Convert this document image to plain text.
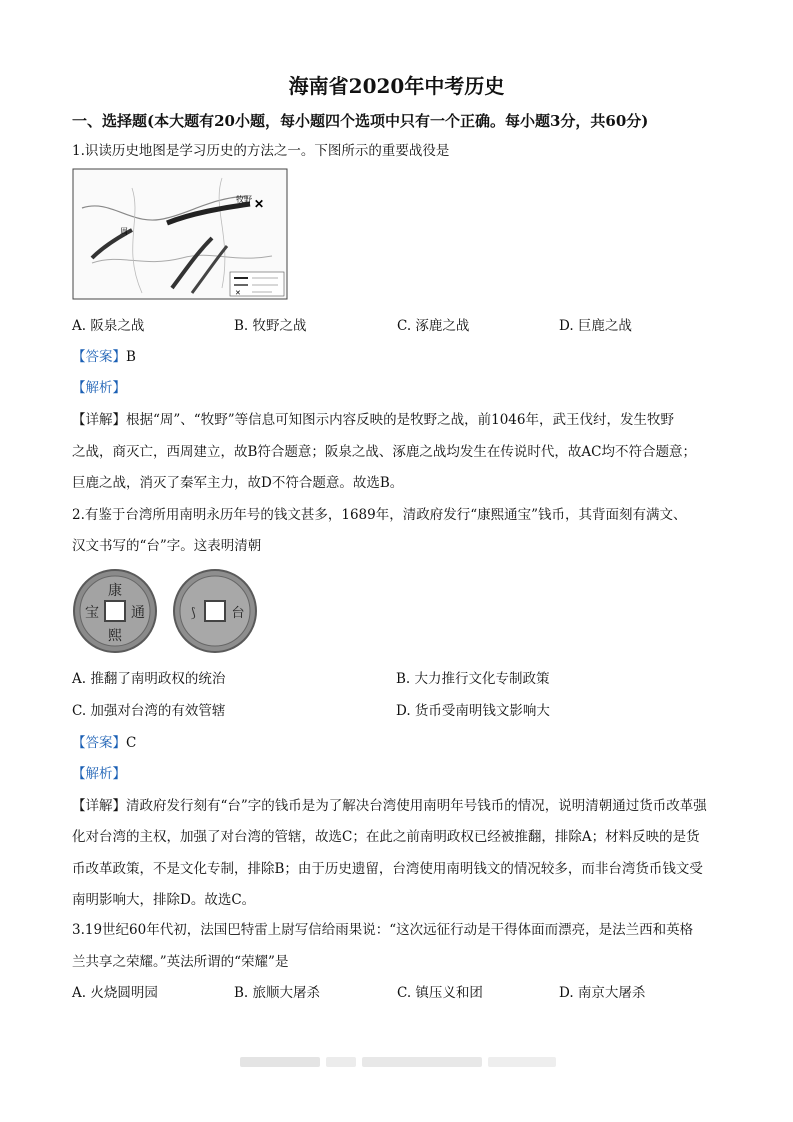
海南省2020年中考历史
一、选择题(本大题有20小题，每小题四个选项中只有一个正确。每小题3分，共60分)
1.识读历史地图是学习历史的方法之一。下图所示的重要战役是
✕
周
牧野
✕
A. 阪泉之战	B. 牧野之战	C. 涿鹿之战	D. 巨鹿之战
【答案】B
【解析】
【详解】根据“周”、“牧野”等信息可知图示内容反映的是牧野之战，前1046年，武王伐纣，发生牧野
之战，商灭亡，西周建立，故B符合题意；阪泉之战、涿鹿之战均发生在传说时代，故AC均不符合题意；
巨鹿之战，消灭了秦军主力，故D不符合题意。故选B。
2.有鉴于台湾所用南明永历年号的钱文甚多，1689年，清政府发行“康熙通宝”钱币，其背面刻有满文、
汉文书写的“台”字。这表明清朝
康
熙
通
宝	⟆	台
A. 推翻了南明政权的统治	B. 大力推行文化专制政策
C. 加强对台湾的有效管辖	D. 货币受南明钱文影响大
【答案】C
【解析】
【详解】清政府发行刻有“台”字的钱币是为了解决台湾使用南明年号钱币的情况，说明清朝通过货币改革强
化对台湾的主权，加强了对台湾的管辖，故选C；在此之前南明政权已经被推翻，排除A；材料反映的是货
币改革政策，不是文化专制，排除B；由于历史遗留，台湾使用南明钱文的情况较多，而非台湾货币钱文受
南明影响大，排除D。故选C。
3.19世纪60年代初，法国巴特雷上尉写信给雨果说：“这次远征行动是干得体面而漂亮，是法兰西和英格
兰共享之荣耀。”英法所谓的“荣耀”是
A. 火烧圆明园	B. 旅顺大屠杀	C. 镇压义和团	D. 南京大屠杀
